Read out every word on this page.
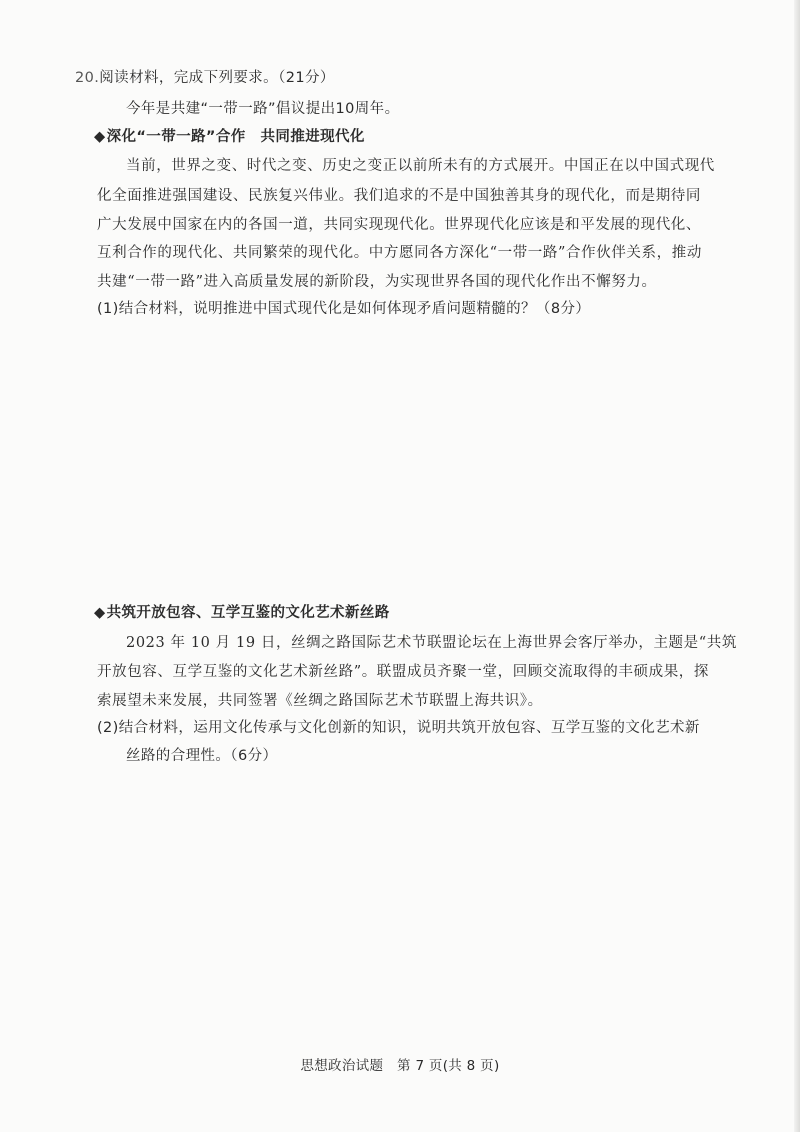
20.阅读材料，完成下列要求。（21分）
今年是共建“一带一路”倡议提出10周年。
◆深化“一带一路”合作　共同推进现代化
当前，世界之变、时代之变、历史之变正以前所未有的方式展开。中国正在以中国式现代
化全面推进强国建设、民族复兴伟业。我们追求的不是中国独善其身的现代化，而是期待同
广大发展中国家在内的各国一道，共同实现现代化。世界现代化应该是和平发展的现代化、
互利合作的现代化、共同繁荣的现代化。中方愿同各方深化“一带一路”合作伙伴关系，推动
共建“一带一路”进入高质量发展的新阶段，为实现世界各国的现代化作出不懈努力。
(1)结合材料，说明推进中国式现代化是如何体现矛盾问题精髓的？（8分）
◆共筑开放包容、互学互鉴的文化艺术新丝路
2023 年 10 月 19 日，丝绸之路国际艺术节联盟论坛在上海世界会客厅举办，主题是“共筑
开放包容、互学互鉴的文化艺术新丝路”。联盟成员齐聚一堂，回顾交流取得的丰硕成果，探
索展望未来发展，共同签署《丝绸之路国际艺术节联盟上海共识》。
(2)结合材料，运用文化传承与文化创新的知识，说明共筑开放包容、互学互鉴的文化艺术新
丝路的合理性。（6分）
思想政治试题　第 7 页(共 8 页)
